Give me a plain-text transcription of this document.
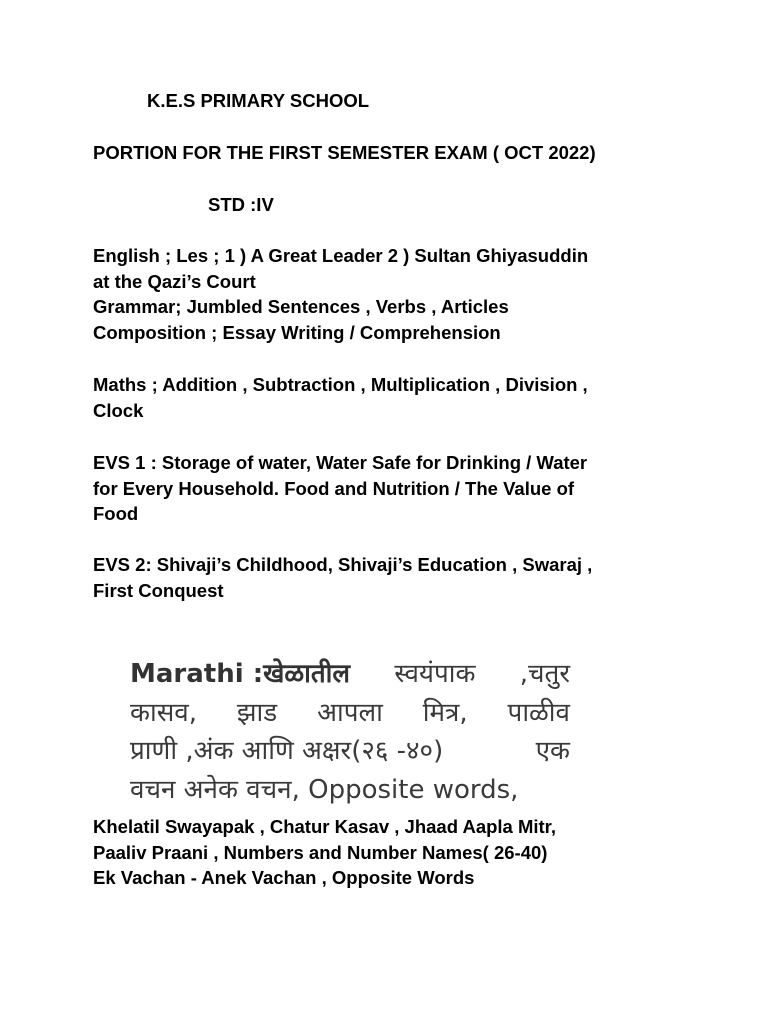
K.E.S PRIMARY SCHOOL
PORTION FOR THE FIRST SEMESTER EXAM ( OCT 2022)
STD :IV
English ; Les ; 1 ) A Great Leader 2 ) Sultan Ghiyasuddin
at the Qazi’s Court
Grammar; Jumbled Sentences , Verbs , Articles
Composition ; Essay Writing / Comprehension
Maths ; Addition , Subtraction , Multiplication , Division ,
Clock
EVS 1 : Storage of water, Water Safe for Drinking / Water
for Every Household. Food and Nutrition / The Value of
Food
EVS 2: Shivaji’s Childhood, Shivaji’s Education , Swaraj ,
First Conquest
Marathi :खेळातील स्वयंपाक ,चतुर
कासव, झाड आपला मित्र, पाळीव
प्राणी ,अंक आणि अक्षर(२६ -४०)	एक
वचन अनेक वचन, Opposite words,
Khelatil Swayapak , Chatur Kasav , Jhaad Aapla Mitr,
Paaliv Praani , Numbers and Number Names( 26-40)
Ek Vachan - Anek Vachan , Opposite Words
